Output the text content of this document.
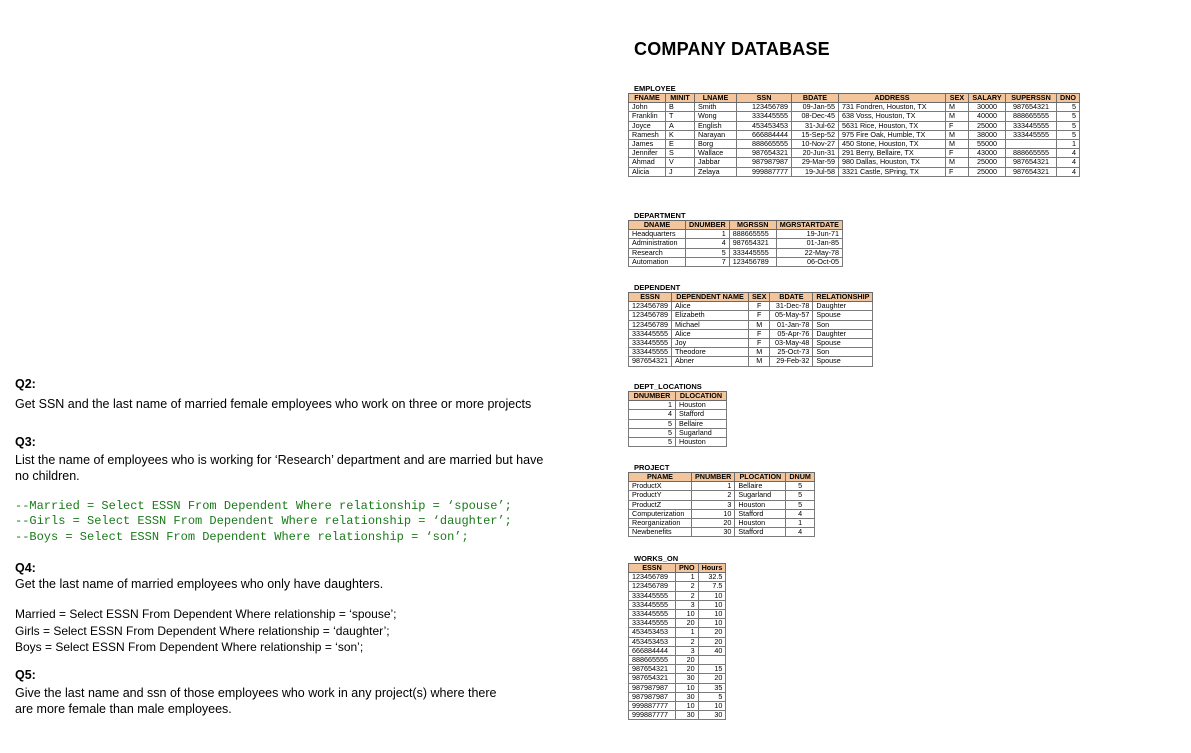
Q2:
Get SSN and the last name of married female employees who work on three or more projects
Q3:
List the name of employees who is working for ‘Research’ department and are married but have
no children.
--Married = Select ESSN From Dependent Where relationship = ‘spouse’;
--Girls = Select ESSN From Dependent Where relationship = ‘daughter’;
--Boys = Select ESSN From Dependent Where relationship = ‘son’;
Q4:
Get the last name of married employees who only have daughters.
Married = Select ESSN From Dependent Where relationship = ‘spouse’;
Girls = Select ESSN From Dependent Where relationship = ‘daughter’;
Boys = Select ESSN From Dependent Where relationship = ‘son’;
Q5:
Give the last name and ssn of those employees who work in any project(s) where there
are more female than male employees.
COMPANY DATABASE
EMPLOYEE
FNAME	MINIT	LNAME	SSN	BDATE	ADDRESS	SEX	SALARY	SUPERSSN	DNO
John	B	Smith	123456789	09-Jan-55	731 Fondren, Houston, TX	M	30000	987654321	5
Franklin	T	Wong	333445555	08-Dec-45	638 Voss, Houston, TX	M	40000	888665555	5
Joyce	A	English	453453453	31-Jul-62	5631 Rice, Houston, TX	F	25000	333445555	5
Ramesh	K	Narayan	666884444	15-Sep-52	975 Fire Oak, Humble, TX	M	38000	333445555	5
James	E	Borg	888665555	10-Nov-27	450 Stone, Houston, TX	M	55000		1
Jennifer	S	Wallace	987654321	20-Jun-31	291 Berry, Bellaire, TX	F	43000	888665555	4
Ahmad	V	Jabbar	987987987	29-Mar-59	980 Dallas, Houston, TX	M	25000	987654321	4
Alicia	J	Zelaya	999887777	19-Jul-58	3321 Castle, SPring, TX	F	25000	987654321	4
DEPARTMENT
DNAME	DNUMBER	MGRSSN	MGRSTARTDATE
Headquarters	1	888665555	19-Jun-71
Administration	4	987654321	01-Jan-85
Research	5	333445555	22-May-78
Automation	7	123456789	06-Oct-05
DEPENDENT
ESSN	DEPENDENT NAME	SEX	BDATE	RELATIONSHIP
123456789	Alice	F	31-Dec-78	Daughter
123456789	Elizabeth	F	05-May-57	Spouse
123456789	Michael	M	01-Jan-78	Son
333445555	Alice	F	05-Apr-76	Daughter
333445555	Joy	F	03-May-48	Spouse
333445555	Theodore	M	25-Oct-73	Son
987654321	Abner	M	29-Feb-32	Spouse
DEPT_LOCATIONS
DNUMBER	DLOCATION
1	Houston
4	Stafford
5	Bellaire
5	Sugarland
5	Houston
PROJECT
PNAME	PNUMBER	PLOCATION	DNUM
ProductX	1	Bellaire	5
ProductY	2	Sugarland	5
ProductZ	3	Houston	5
Computerization	10	Stafford	4
Reorganization	20	Houston	1
Newbenefits	30	Stafford	4
WORKS_ON
ESSN	PNO	Hours
123456789	1	32.5
123456789	2	7.5
333445555	2	10
333445555	3	10
333445555	10	10
333445555	20	10
453453453	1	20
453453453	2	20
666884444	3	40
888665555	20	
987654321	20	15
987654321	30	20
987987987	10	35
987987987	30	5
999887777	10	10
999887777	30	30
